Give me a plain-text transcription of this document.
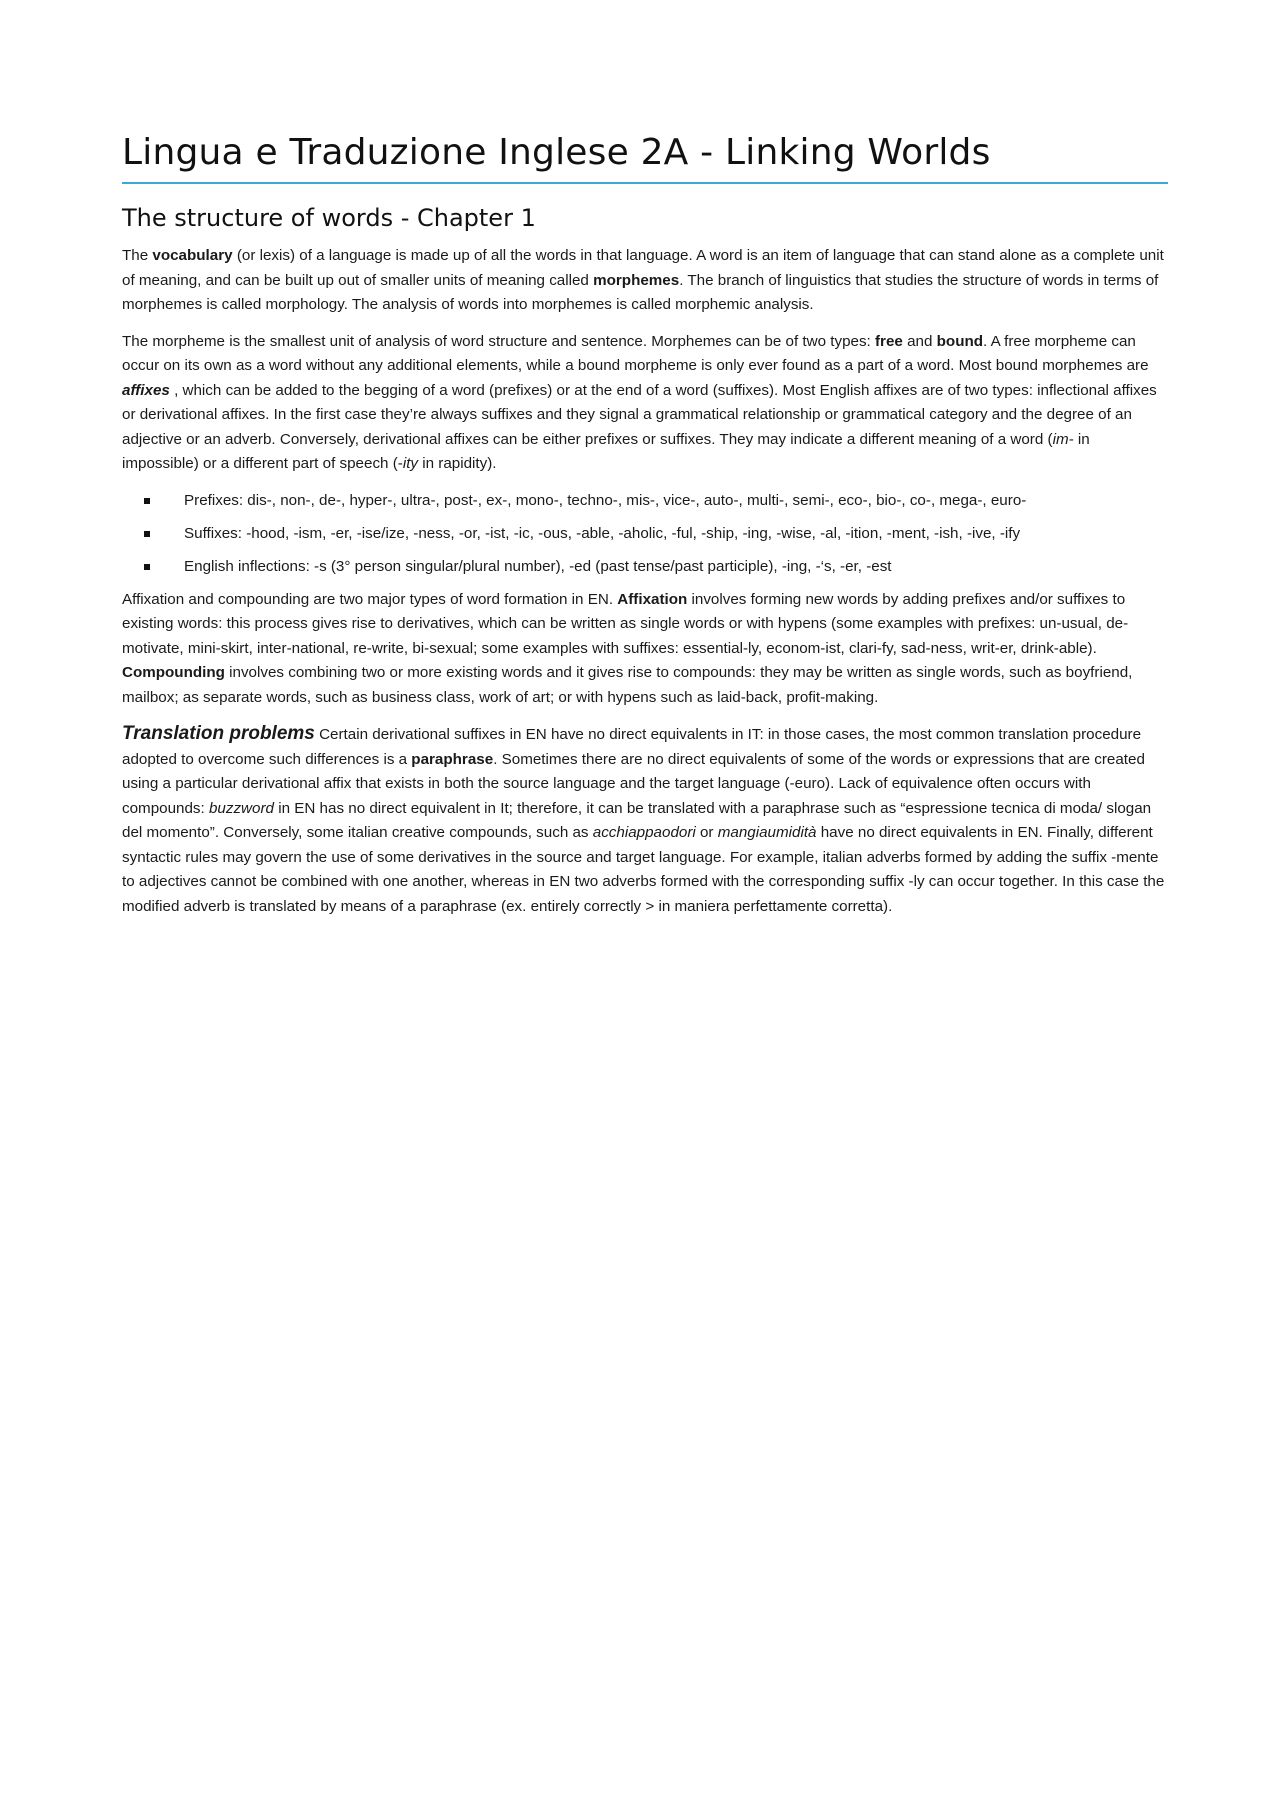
Lingua e Traduzione Inglese 2A - Linking Worlds
The structure of words - Chapter 1

The vocabulary (or lexis) of a language is made up of all the words in that language. A word is an item of language that can stand alone as a complete unit of meaning, and can be built up out of smaller units of meaning called morphemes. The branch of linguistics that studies the structure of words in terms of morphemes is called morphology. The analysis of words into morphemes is called morphemic analysis.

The morpheme is the smallest unit of analysis of word structure and sentence. Morphemes can be of two types: free and bound. A free morpheme can occur on its own as a word without any additional elements, while a bound morpheme is only ever found as a part of a word. Most bound morphemes are affixes , which can be added to the begging of a word (prefixes) or at the end of a word (suffixes). Most English affixes are of two types: inflectional affixes or derivational affixes. In the first case they’re always suffixes and they signal a grammatical relationship or grammatical category and the degree of an adjective or an adverb. Conversely, derivational affixes can be either prefixes or suffixes. They may indicate a different meaning of a word (im- in impossible) or a different part of speech (-ity in rapidity).

Prefixes: dis-, non-, de-, hyper-, ultra-, post-, ex-, mono-, techno-, mis-, vice-, auto-, multi-, semi-, eco-, bio-, co-, mega-, euro-
Suffixes: -hood, -ism, -er, -ise/ize, -ness, -or, -ist, -ic, -ous, -able, -aholic, -ful, -ship, -ing, -wise, -al, -ition, -ment, -ish, -ive, -ify
English inflections: -s (3° person singular/plural number), -ed (past tense/past participle), -ing, -‘s, -er, -est

Affixation and compounding are two major types of word formation in EN. Affixation involves forming new words by adding prefixes and/or suffixes to existing words: this process gives rise to derivatives, which can be written as single words or with hypens (some examples with prefixes: un-usual, de-motivate, mini-skirt, inter-national, re-write, bi-sexual; some examples with suffixes: essential-ly, econom-ist, clari-fy, sad-ness, writ-er, drink-able). Compounding involves combining two or more existing words and it gives rise to compounds: they may be written as single words, such as boyfriend, mailbox; as separate words, such as business class, work of art; or with hypens such as laid-back, profit-making.

Translation problems Certain derivational suffixes in EN have no direct equivalents in IT: in those cases, the most common translation procedure adopted to overcome such differences is a paraphrase. Sometimes there are no direct equivalents of some of the words or expressions that are created using a particular derivational affix that exists in both the source language and the target language (-euro). Lack of equivalence often occurs with compounds: buzzword in EN has no direct equivalent in It; therefore, it can be translated with a paraphrase such as “espressione tecnica di moda/ slogan del momento”. Conversely, some italian creative compounds, such as acchiappaodori or mangiaumidità have no direct equivalents in EN. Finally, different syntactic rules may govern the use of some derivatives in the source and target language. For example, italian adverbs formed by adding the suffix -mente to adjectives cannot be combined with one another, whereas in EN two adverbs formed with the corresponding suffix -ly can occur together. In this case the modified adverb is translated by means of a paraphrase (ex. entirely correctly > in maniera perfettamente corretta).
